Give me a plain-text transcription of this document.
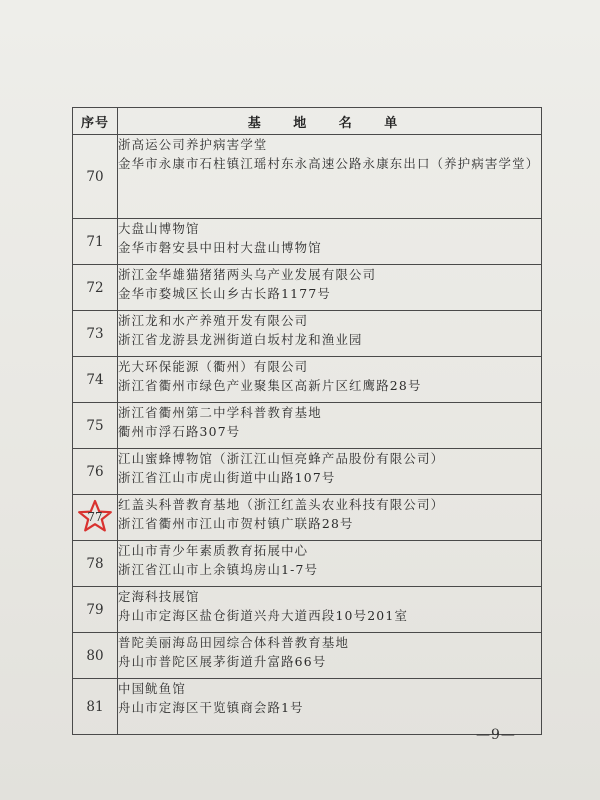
序号	基 地 名 单
70	浙高运公司养护病害学堂
金华市永康市石柱镇江瑶村东永高速公路永康东出口（养护病害学堂）

71	大盘山博物馆
金华市磐安县中田村大盘山博物馆

72	浙江金华雄猫猪猪两头乌产业发展有限公司
金华市婺城区长山乡古长路1177号

73	浙江龙和水产养殖开发有限公司
浙江省龙游县龙洲街道白坂村龙和渔业园

74	光大环保能源（衢州）有限公司
浙江省衢州市绿色产业聚集区高新片区红鹰路28号

75	浙江省衢州第二中学科普教育基地
衢州市浮石路307号

76	江山蜜蜂博物馆（浙江江山恒亮蜂产品股份有限公司）
浙江省江山市虎山街道中山路107号

77	红盖头科普教育基地（浙江红盖头农业科技有限公司）
浙江省衢州市江山市贺村镇广联路28号

78	江山市青少年素质教育拓展中心
浙江省江山市上余镇坞房山1-7号

79	定海科技展馆
舟山市定海区盐仓街道兴舟大道西段10号201室

80	普陀美丽海岛田园综合体科普教育基地
舟山市普陀区展茅街道升富路66号

81	中国鱿鱼馆
舟山市定海区干览镇商会路1号
—9—
